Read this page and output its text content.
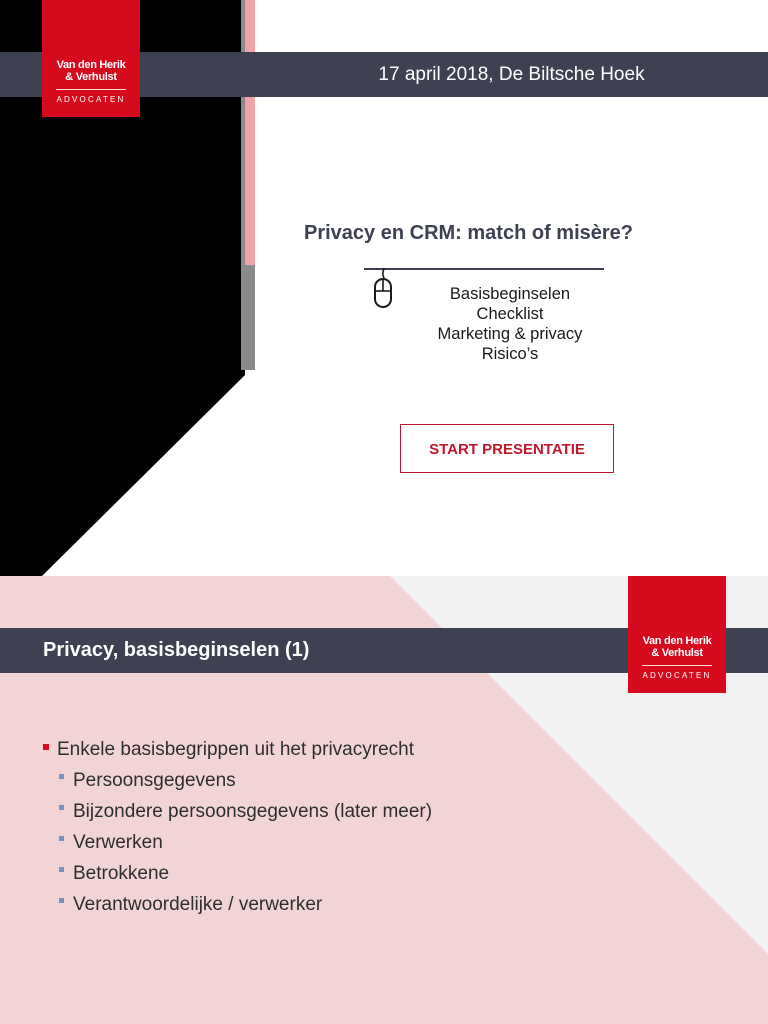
17 april 2018, De Biltsche Hoek
Van den Herik
& Verhulst
ADVOCATEN
Privacy en CRM: match of misère?
Basisbeginselen
Checklist
Marketing & privacy
Risico’s
START PRESENTATIE
Privacy, basisbeginselen (1)	Van den Herik
& Verhulst
ADVOCATEN
Enkele basisbegrippen uit het privacyrecht
Persoonsgegevens
Bijzondere persoonsgegevens (later meer)
Verwerken
Betrokkene
Verantwoordelijke / verwerker
